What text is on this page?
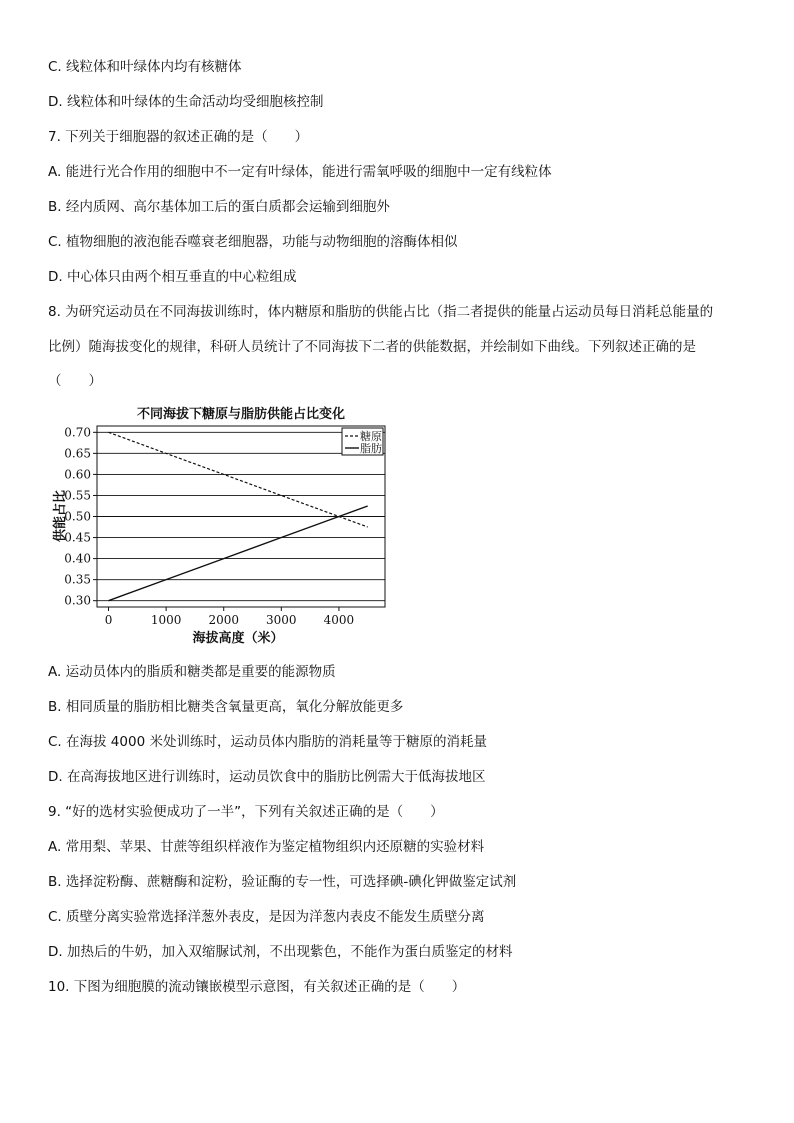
C. 线粒体和叶绿体内均有核糖体
D. 线粒体和叶绿体的生命活动均受细胞核控制
7. 下列关于细胞器的叙述正确的是（　　）
A. 能进行光合作用的细胞中不一定有叶绿体，能进行需氧呼吸的细胞中一定有线粒体
B. 经内质网、高尔基体加工后的蛋白质都会运输到细胞外
C. 植物细胞的液泡能吞噬衰老细胞器，功能与动物细胞的溶酶体相似
D. 中心体只由两个相互垂直的中心粒组成
8. 为研究运动员在不同海拔训练时，体内糖原和脂肪的供能占比（指二者提供的能量占运动员每日消耗总能量的
比例）随海拔变化的规律，科研人员统计了不同海拔下二者的供能数据，并绘制如下曲线。下列叙述正确的是
（　　）
不同海拔下糖原与脂肪供能占比变化
0.30
0.35
0.40
0.45
0.50
0.55
0.60
0.65
0.70
0	1000 2000 3000 4000
糖原
脂肪
供能占比
海拔高度（米）
A. 运动员体内的脂质和糖类都是重要的能源物质
B. 相同质量的脂肪相比糖类含氧量更高，氧化分解放能更多
C. 在海拔 4000 米处训练时，运动员体内脂肪的消耗量等于糖原的消耗量
D. 在高海拔地区进行训练时，运动员饮食中的脂肪比例需大于低海拔地区
9. “好的选材实验便成功了一半”，下列有关叙述正确的是（　　）
A. 常用梨、苹果、甘蔗等组织样液作为鉴定植物组织内还原糖的实验材料
B. 选择淀粉酶、蔗糖酶和淀粉，验证酶的专一性，可选择碘-碘化钾做鉴定试剂
C. 质壁分离实验常选择洋葱外表皮，是因为洋葱内表皮不能发生质壁分离
D. 加热后的牛奶，加入双缩脲试剂，不出现紫色，不能作为蛋白质鉴定的材料
10. 下图为细胞膜的流动镶嵌模型示意图，有关叙述正确的是（　　）
